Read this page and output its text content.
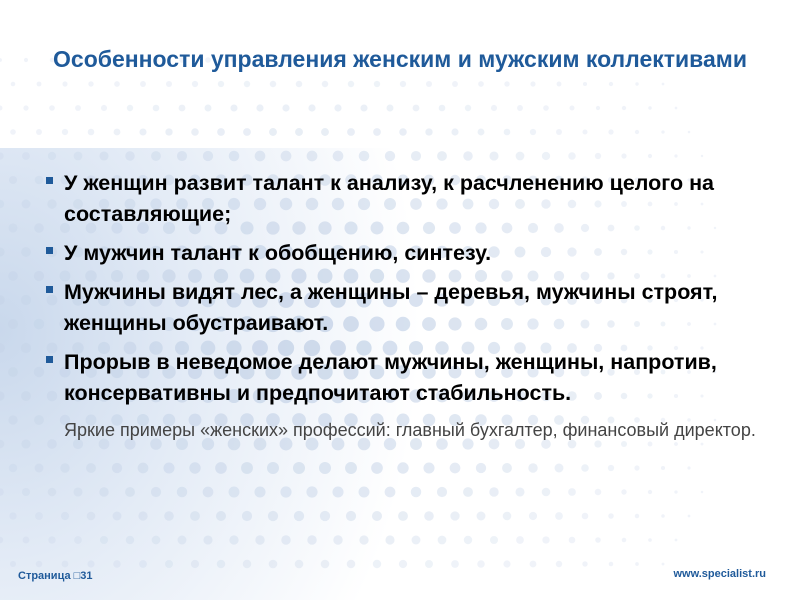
Особенности управления женским и мужским коллективами
У женщин развит талант к анализу, к расчленению целого на составляющие;
У мужчин талант к обобщению, синтезу.
Мужчины видят лес, а женщины – деревья, мужчины строят, женщины обустраивают.
Прорыв в неведомое делают мужчины, женщины, напротив, консервативны и предпочитают стабильность.
Яркие примеры «женских» профессий: главный бухгалтер, финансовый директор.
Страница □31	www.specialist.ru
